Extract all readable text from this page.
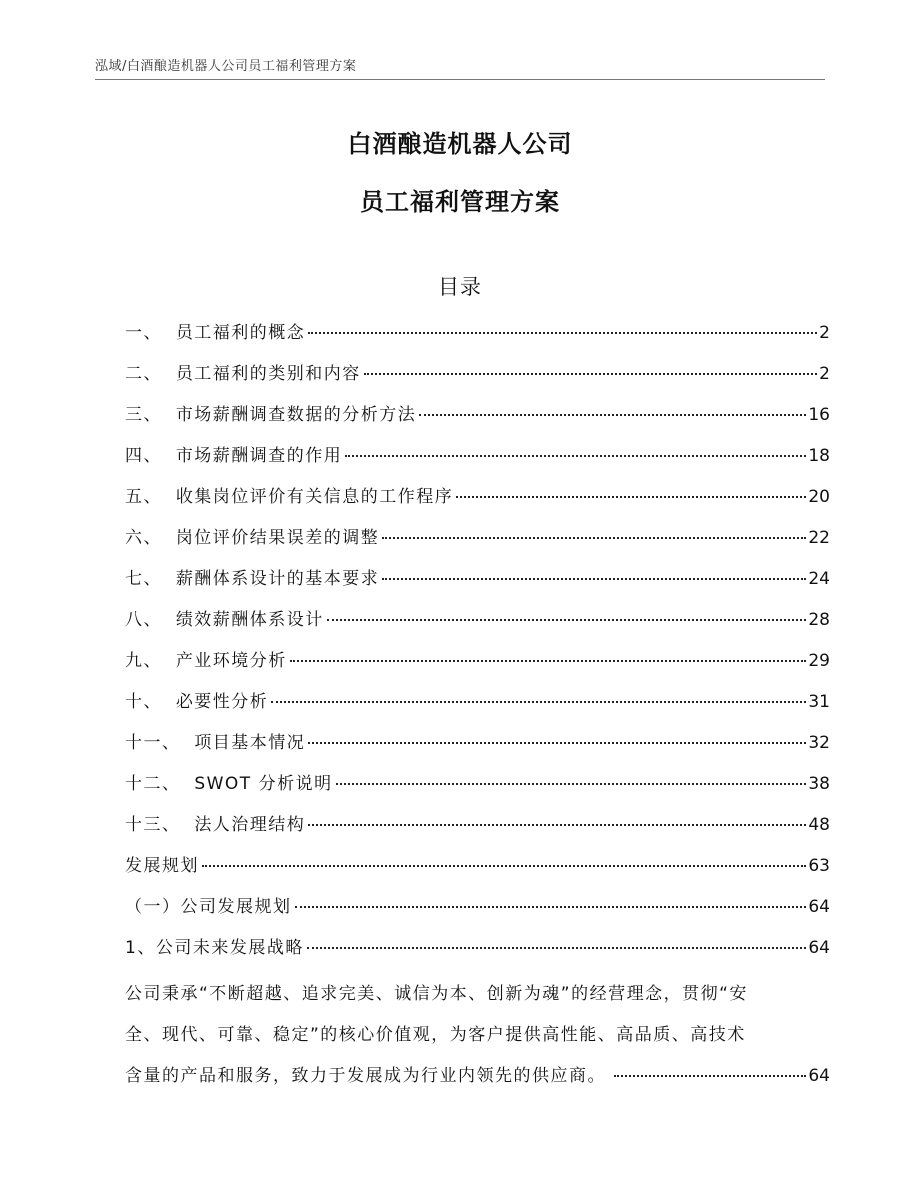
泓域/白酒酿造机器人公司员工福利管理方案
白酒酿造机器人公司
员工福利管理方案
目录
一、 员工福利的概念	2
二、 员工福利的类别和内容	2
三、 市场薪酬调查数据的分析方法	16
四、 市场薪酬调查的作用	18
五、 收集岗位评价有关信息的工作程序	20
六、 岗位评价结果误差的调整	22
七、 薪酬体系设计的基本要求	24
八、 绩效薪酬体系设计	28
九、 产业环境分析	29
十、 必要性分析	31
十一、 项目基本情况	32
十二、 SWOT 分析说明	38
十三、 法人治理结构	48
发展规划	63
（一）公司发展规划	64
1、公司未来发展战略	64
公司秉承“不断超越、追求完美、诚信为本、创新为魂”的经营理念，贯彻“安
全、现代、可靠、稳定”的核心价值观，为客户提供高性能、高品质、高技术
含量的产品和服务，致力于发展成为行业内领先的供应商。	64
